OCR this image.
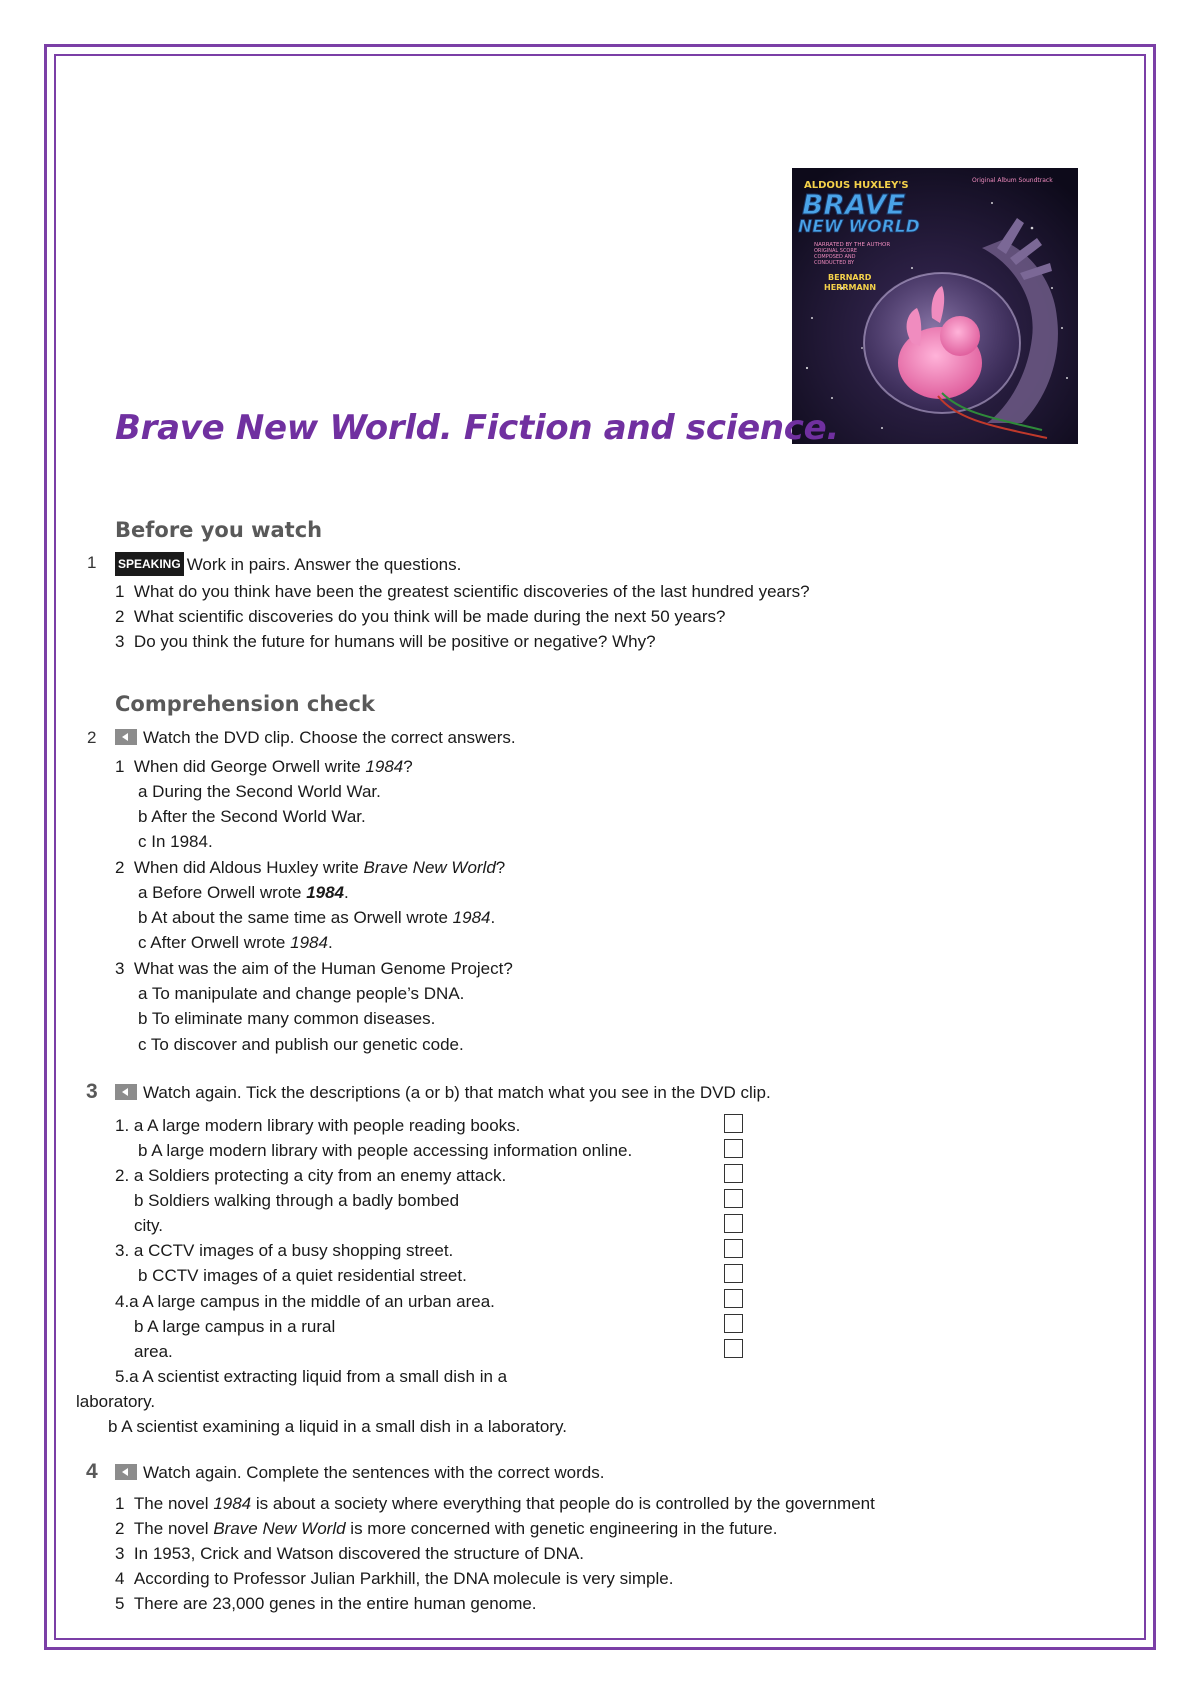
ALDOUS HUXLEY'S	Original Album Soundtrack
BRAVE
NEW WORLD
NARRATED BY THE AUTHOR
ORIGINAL SCORE COMPOSED AND CONDUCTED BY
BERNARD
HERRMANN
Brave New World. Fiction and science.
Before you watch
1 SPEAKING Work in pairs. Answer the questions.
1 What do you think have been the greatest scientific discoveries of the last hundred years?
2 What scientific discoveries do you think will be made during the next 50 years?
3 Do you think the future for humans will be positive or negative? Why?
Comprehension check
2	Watch the DVD clip. Choose the correct answers.
1 When did George Orwell write 1984?
a During the Second World War.
b After the Second World War.
c In 1984.
2 When did Aldous Huxley write Brave New World?
a Before Orwell wrote 1984.
b At about the same time as Orwell wrote 1984.
c After Orwell wrote 1984.
3 What was the aim of the Human Genome Project?
a To manipulate and change people’s DNA.
b To eliminate many common diseases.
c To discover and publish our genetic code.
3	Watch again. Tick the descriptions (a or b) that match what you see in the DVD clip.
1. a A large modern library with people reading books.
b A large modern library with people accessing information online.
2. a Soldiers protecting a city from an enemy attack.
b Soldiers walking through a badly bombed
city.
3. a CCTV images of a busy shopping street.
b CCTV images of a quiet residential street.
4.a A large campus in the middle of an urban area.
b A large campus in a rural
area.
5.a A scientist extracting liquid from a small dish in a
laboratory.
b A scientist examining a liquid in a small dish in a laboratory.
4	Watch again. Complete the sentences with the correct words.
1 The novel 1984 is about a society where everything that people do is controlled by the government
2 The novel Brave New World is more concerned with genetic engineering in the future.
3 In 1953, Crick and Watson discovered the structure of DNA.
4 According to Professor Julian Parkhill, the DNA molecule is very simple.
5 There are 23,000 genes in the entire human genome.
